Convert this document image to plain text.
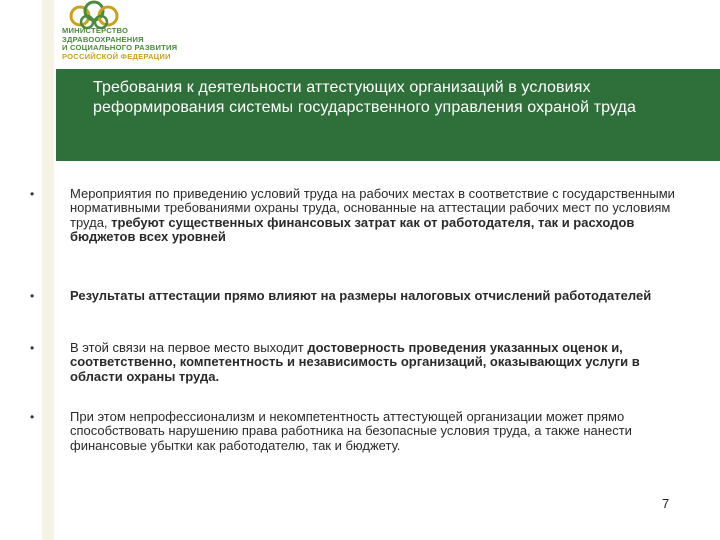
МИНИСТЕРСТВО
ЗДРАВООХРАНЕНИЯ
И СОЦИАЛЬНОГО РАЗВИТИЯ
РОССИЙСКОЙ ФЕДЕРАЦИИ
Требования к деятельности аттестующих организаций в условиях реформирования системы государственного управления охраной труда
•	Мероприятия по приведению условий труда на рабочих местах в соответствие с государственными нормативными требованиями охраны труда, основанные на аттестации рабочих мест по условиям труда, требуют существенных финансовых затрат как от работодателя, так и расходов бюджетов всех уровней
•	Результаты аттестации прямо влияют на размеры налоговых отчислений работодателей
•	В этой связи на первое место выходит достоверность проведения указанных оценок и, соответственно, компетентность и независимость организаций, оказывающих услуги в области охраны труда.
•	При этом непрофессионализм и некомпетентность аттестующей организации может прямо способствовать нарушению права работника на безопасные условия труда, а также нанести финансовые убытки как работодателю, так и бюджету.
7
